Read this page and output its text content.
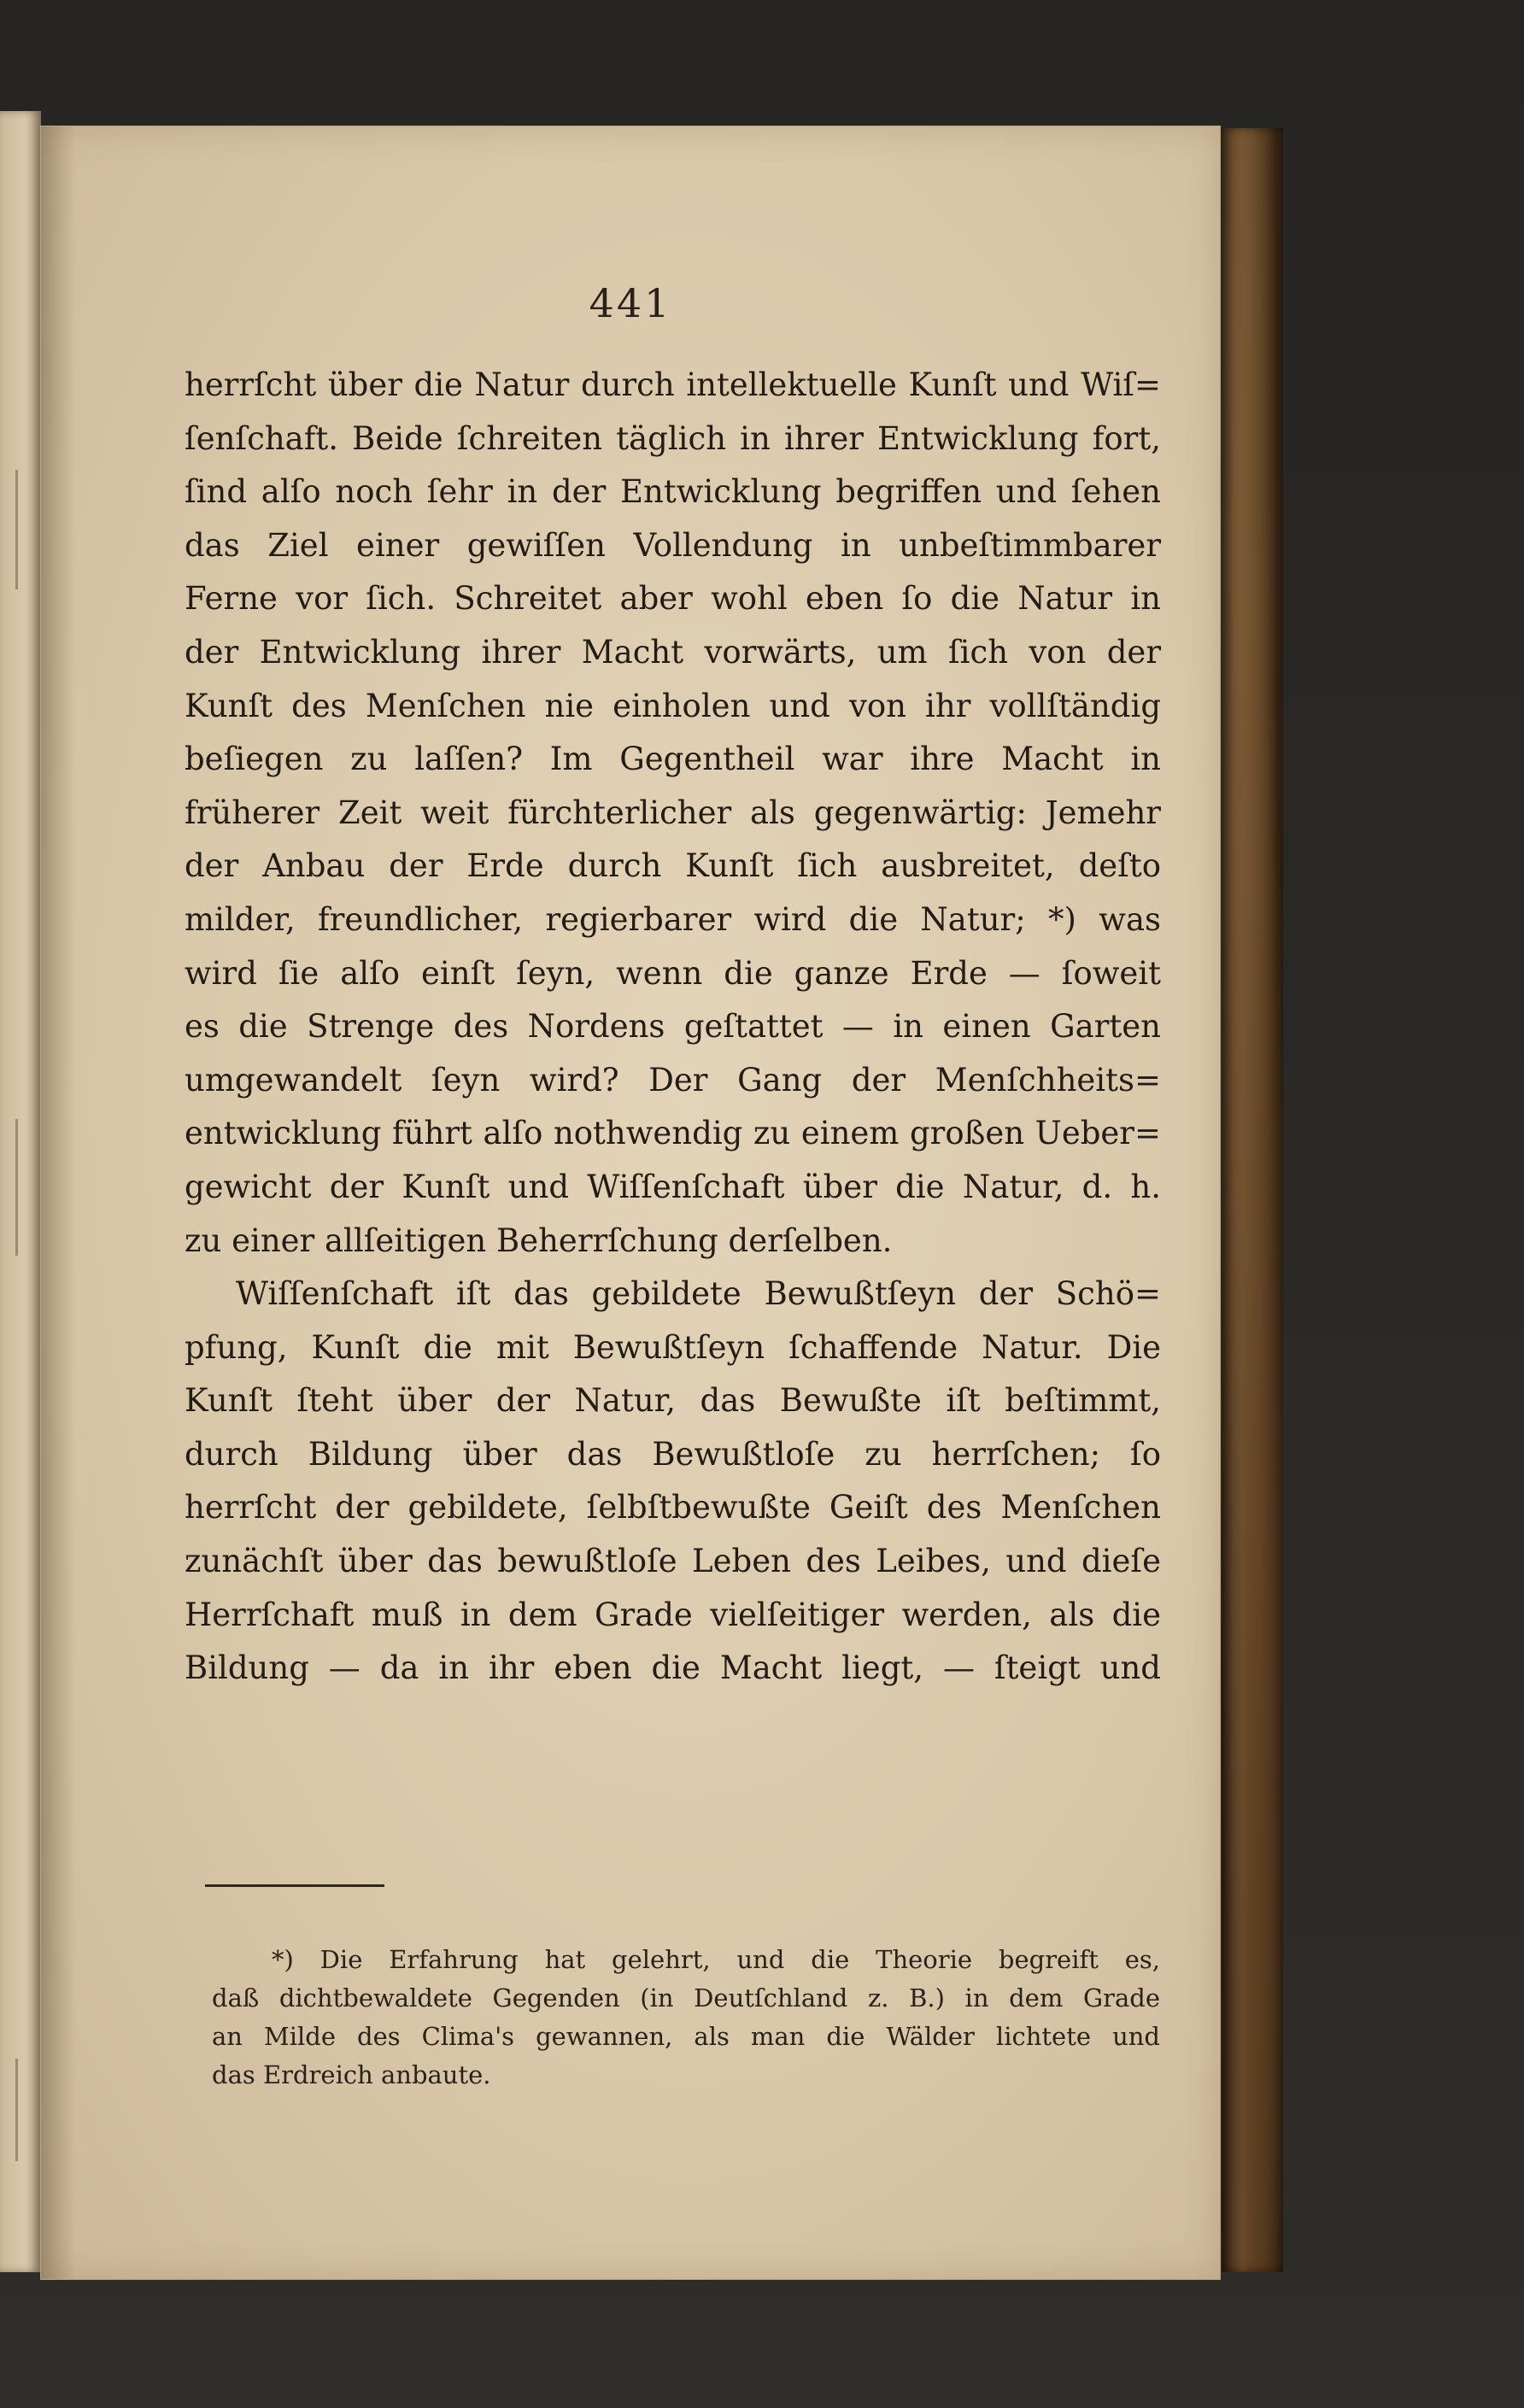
441
herrſcht über die Natur durch intellektuelle Kunſt und Wiſ=
ſenſchaft. Beide ſchreiten täglich in ihrer Entwicklung fort,
ſind alſo noch ſehr in der Entwicklung begriffen und ſehen
das Ziel einer gewiſſen Vollendung in unbeſtimmbarer
Ferne vor ſich. Schreitet aber wohl eben ſo die Natur in
der Entwicklung ihrer Macht vorwärts, um ſich von der
Kunſt des Menſchen nie einholen und von ihr vollſtändig
beſiegen zu laſſen? Im Gegentheil war ihre Macht in
früherer Zeit weit fürchterlicher als gegenwärtig: Jemehr
der Anbau der Erde durch Kunſt ſich ausbreitet, deſto
milder, freundlicher, regierbarer wird die Natur; *) was
wird ſie alſo einſt ſeyn, wenn die ganze Erde — ſoweit
es die Strenge des Nordens geſtattet — in einen Garten
umgewandelt ſeyn wird? Der Gang der Menſchheits=
entwicklung führt alſo nothwendig zu einem großen Ueber=
gewicht der Kunſt und Wiſſenſchaft über die Natur, d. h.
zu einer allſeitigen Beherrſchung derſelben.
Wiſſenſchaft iſt das gebildete Bewußtſeyn der Schö=
pfung, Kunſt die mit Bewußtſeyn ſchaffende Natur. Die
Kunſt ſteht über der Natur, das Bewußte iſt beſtimmt,
durch Bildung über das Bewußtloſe zu herrſchen; ſo
herrſcht der gebildete, ſelbſtbewußte Geiſt des Menſchen
zunächſt über das bewußtloſe Leben des Leibes, und dieſe
Herrſchaft muß in dem Grade vielſeitiger werden, als die
Bildung — da in ihr eben die Macht liegt, — ſteigt und
*) Die Erfahrung hat gelehrt, und die Theorie begreift es,
daß dichtbewaldete Gegenden (in Deutſchland z. B.) in dem Grade
an Milde des Clima's gewannen, als man die Wälder lichtete und
das Erdreich anbaute.
